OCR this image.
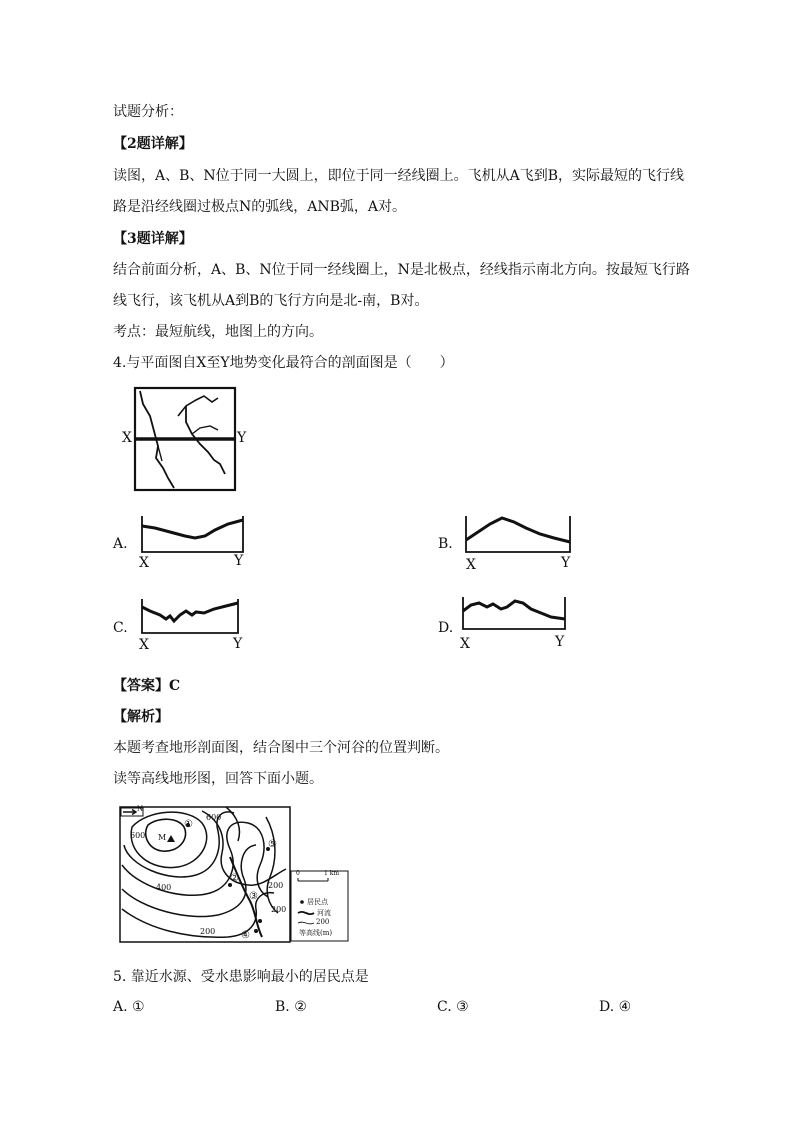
试题分析：
【2题详解】
读图，A、B、N位于同一大圆上，即位于同一经线圈上。飞机从A飞到B，实际最短的飞行线
路是沿经线圈过极点N的弧线，ANB弧，A对。
【3题详解】
结合前面分析，A、B、N位于同一经线圈上，N是北极点，经线指示南北方向。按最短飞行路
线飞行，该飞机从A到B的飞行方向是北-南，B对。
考点：最短航线，地图上的方向。
4.与平面图自X至Y地势变化最符合的剖面图是（　　）
X	Y
A.
X	Y
B.
X	Y
C.
X	Y
D.
X	Y
【答案】C
【解析】
本题考查地形剖面图，结合图中三个河谷的位置判断。
读等高线地形图，回答下面小题。
N
600
600
400
200
200
200
M
①
②
③
④
⑤
0	1 km
居民点
河流
200
等高线(m)
5. 靠近水源、受水患影响最小的居民点是
A. ①	B. ②	C. ③	D. ④
